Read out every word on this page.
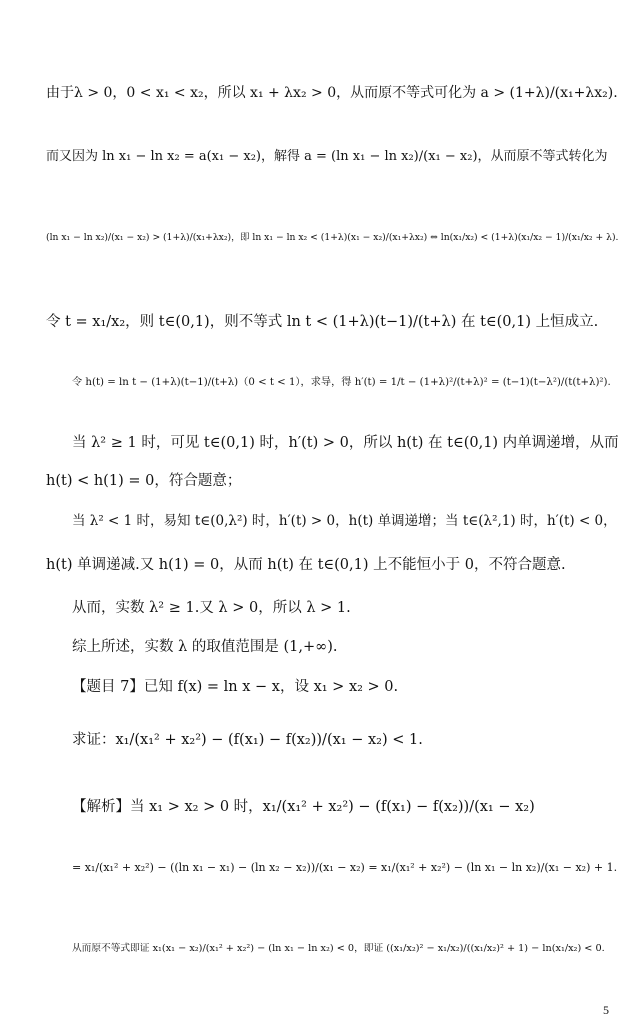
由于λ > 0，0 < x₁ < x₂，所以 x₁ + λx₂ > 0，从而原不等式可化为 a > (1+λ)/(x₁+λx₂).
而又因为 ln x₁ − ln x₂ = a(x₁ − x₂)，解得 a = (ln x₁ − ln x₂)/(x₁ − x₂)，从而原不等式转化为
(ln x₁ − ln x₂)/(x₁ − x₂) > (1+λ)/(x₁+λx₂)，即 ln x₁ − ln x₂ < (1+λ)(x₁ − x₂)/(x₁+λx₂) ⇔ ln(x₁/x₂) < (1+λ)(x₁/x₂ − 1)/(x₁/x₂ + λ).
令 t = x₁/x₂，则 t∈(0,1)，则不等式 ln t < (1+λ)(t−1)/(t+λ) 在 t∈(0,1) 上恒成立.
令 h(t) = ln t − (1+λ)(t−1)/(t+λ)（0 < t < 1），求导，得 h′(t) = 1/t − (1+λ)²/(t+λ)² = (t−1)(t−λ²)/(t(t+λ)²).
当 λ² ≥ 1 时，可见 t∈(0,1) 时，h′(t) > 0，所以 h(t) 在 t∈(0,1) 内单调递增，从而
h(t) < h(1) = 0，符合题意；
当 λ² < 1 时，易知 t∈(0,λ²) 时，h′(t) > 0，h(t) 单调递增；当 t∈(λ²,1) 时，h′(t) < 0，
h(t) 单调递减.又 h(1) = 0，从而 h(t) 在 t∈(0,1) 上不能恒小于 0，不符合题意.
从而，实数 λ² ≥ 1.又 λ > 0，所以 λ > 1.
综上所述，实数 λ 的取值范围是 (1,+∞).
【题目 7】已知 f(x) = ln x − x，设 x₁ > x₂ > 0.
求证：x₁/(x₁² + x₂²) − (f(x₁) − f(x₂))/(x₁ − x₂) < 1.
【解析】当 x₁ > x₂ > 0 时，x₁/(x₁² + x₂²) − (f(x₁) − f(x₂))/(x₁ − x₂)
= x₁/(x₁² + x₂²) − ((ln x₁ − x₁) − (ln x₂ − x₂))/(x₁ − x₂) = x₁/(x₁² + x₂²) − (ln x₁ − ln x₂)/(x₁ − x₂) + 1.
从而原不等式即证 x₁(x₁ − x₂)/(x₁² + x₂²) − (ln x₁ − ln x₂) < 0，即证 ((x₁/x₂)² − x₁/x₂)/((x₁/x₂)² + 1) − ln(x₁/x₂) < 0.
5
